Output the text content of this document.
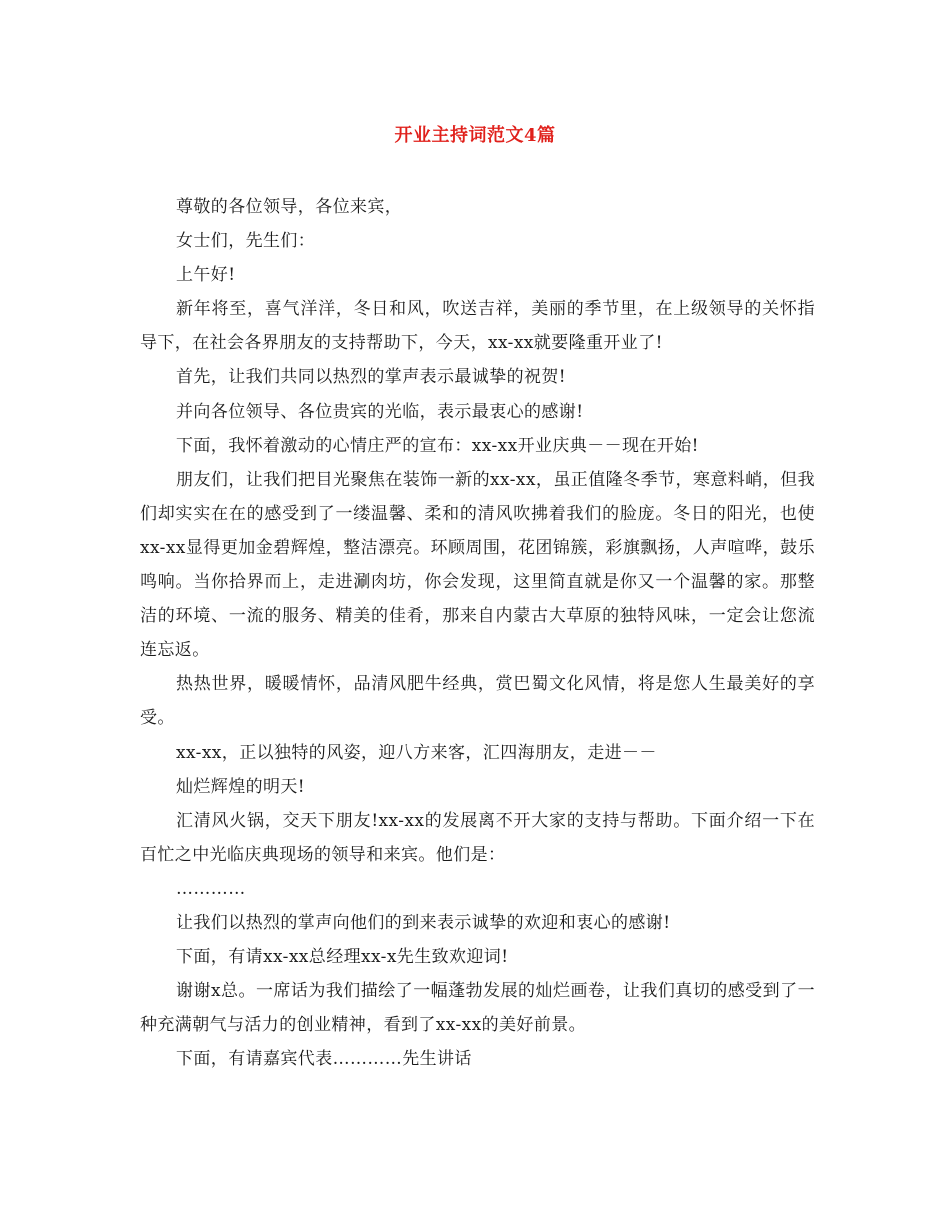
开业主持词范文4篇

尊敬的各位领导，各位来宾，

女士们，先生们：

上午好!

新年将至，喜气洋洋，冬日和风，吹送吉祥，美丽的季节里，在上级领导的关怀指导下，在社会各界朋友的支持帮助下，今天，xx-xx就要隆重开业了!

首先，让我们共同以热烈的掌声表示最诚挚的祝贺!

并向各位领导、各位贵宾的光临，表示最衷心的感谢!

下面，我怀着激动的心情庄严的宣布：xx-xx开业庆典－－现在开始!

朋友们，让我们把目光聚焦在装饰一新的xx-xx，虽正值隆冬季节，寒意料峭，但我们却实实在在的感受到了一缕温馨、柔和的清风吹拂着我们的脸庞。冬日的阳光，也使xx-xx显得更加金碧辉煌，整洁漂亮。环顾周围，花团锦簇，彩旗飘扬，人声喧哗，鼓乐鸣响。当你拾界而上，走进涮肉坊，你会发现，这里简直就是你又一个温馨的家。那整洁的环境、一流的服务、精美的佳肴，那来自内蒙古大草原的独特风味，一定会让您流连忘返。

热热世界，暖暖情怀，品清风肥牛经典，赏巴蜀文化风情，将是您人生最美好的享受。

xx-xx，正以独特的风姿，迎八方来客，汇四海朋友，走进－－

灿烂辉煌的明天!

汇清风火锅，交天下朋友!xx-xx的发展离不开大家的支持与帮助。下面介绍一下在百忙之中光临庆典现场的领导和来宾。他们是：

…………

让我们以热烈的掌声向他们的到来表示诚挚的欢迎和衷心的感谢!

下面，有请xx-xx总经理xx-x先生致欢迎词!

谢谢x总。一席话为我们描绘了一幅蓬勃发展的灿烂画卷，让我们真切的感受到了一种充满朝气与活力的创业精神，看到了xx-xx的美好前景。

下面，有请嘉宾代表…………先生讲话
